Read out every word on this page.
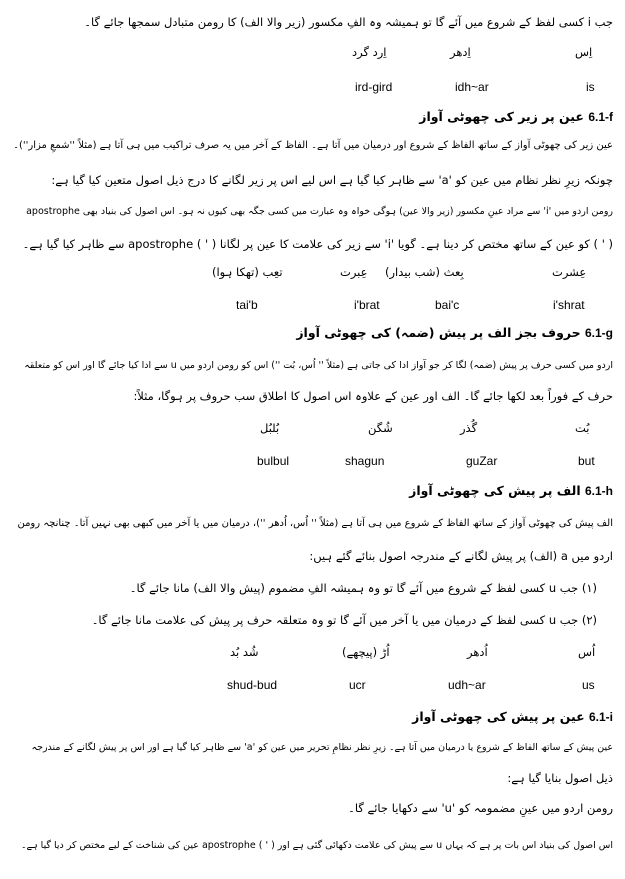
جب i کسی لفظ کے شروع میں آئے گا تو ہمیشہ وہ الفِ مکسور (زیر والا الف) کا رومن متبادل سمجھا جائے گا۔
اِس
اِدھر
اِرد گرد
is
idh~ar
ird-gird
6.1-f عین پر زیر کی چھوٹی آواز
عین زیر کی چھوٹی آواز کے ساتھ الفاظ کے شروع اور درمیان میں آتا ہے۔ الفاظ کے آخر میں یہ صرف تراکیب میں ہی آتا ہے (مثلاً ''شمعِ مزار'')۔
چونکہ زیرِ نظر نظام میں عین کو 'a' سے ظاہر کیا گیا ہے اس لیے اس پر زیر لگانے کا درج ذیل اصول متعین کیا گیا ہے:
رومن اردو میں 'i' سے مراد عینِ مکسور (زیر والا عین) ہوگی خواہ وہ عبارت میں کسی جگہ بھی کیوں نہ ہو۔ اس اصول کی بنیاد بھی apostrophe
( ' ) کو عین کے ساتھ مختص کر دینا ہے۔ گویا 'i' سے زیر کی علامت کا عین پر لگانا ( ' ) apostrophe سے ظاہر کیا گیا ہے۔
عِشرت
بِعث (شب بیدار)
عِبرت
تعِب (تھکا ہوا)
i'shrat
bai'c
i'brat
tai'b
6.1-g حروف بجز الف پر پیش (ضمہ) کی چھوٹی آواز
اردو میں کسی حرف پر پیش (ضمہ) لگا کر جو آواز ادا کی جاتی ہے (مثلاً '' اُس، بُت '') اس کو رومن اردو میں u سے ادا کیا جائے گا اور اس کو متعلقہ
حرف کے فوراً بعد لکھا جائے گا۔ الف اور عین کے علاوہ اس اصول کا اطلاق سب حروف پر ہوگا، مثلاً:
بُت
گُذر
شُگن
بُلبُل
but
guZar
shagun
bulbul
6.1-h الف پر پیش کی چھوٹی آواز
الف پیش کی چھوٹی آواز کے ساتھ الفاظ کے شروع میں ہی آتا ہے (مثلاً '' اُس، اُدھر '')، درمیان میں یا آخر میں کبھی بھی نہیں آتا۔ چنانچہ رومن
اردو میں a (الف) پر پیش لگانے کے مندرجہ اصول بنائے گئے ہیں:
(۱) جب u کسی لفظ کے شروع میں آئے گا تو وہ ہمیشہ الفِ مضموم (پیش والا الف) مانا جائے گا۔
(۲) جب u کسی لفظ کے درمیان میں یا آخر میں آئے گا تو وہ متعلقہ حرف پر پیش کی علامت مانا جائے گا۔
اُس
اُدھر
اُڑ (پیچھے)
شُد بُد
us
udh~ar
ucr
shud-bud
6.1-i عین پر پیش کی چھوٹی آواز
عین پیش کے ساتھ الفاظ کے شروع یا درمیان میں آتا ہے۔ زیرِ نظر نظامِ تحریر میں عین کو 'a' سے ظاہر کیا گیا ہے اور اس پر پیش لگانے کے مندرجہ
ذیل اصول بنایا گیا ہے:
رومن اردو میں عینِ مضمومہ کو 'u' سے دکھایا جائے گا۔
اس اصول کی بنیاد اس بات پر ہے کہ یہاں u سے پیش کی علامت دکھائی گئی ہے اور ( ' ) apostrophe عین کی شناخت کے لیے مختص کر دیا گیا ہے۔
